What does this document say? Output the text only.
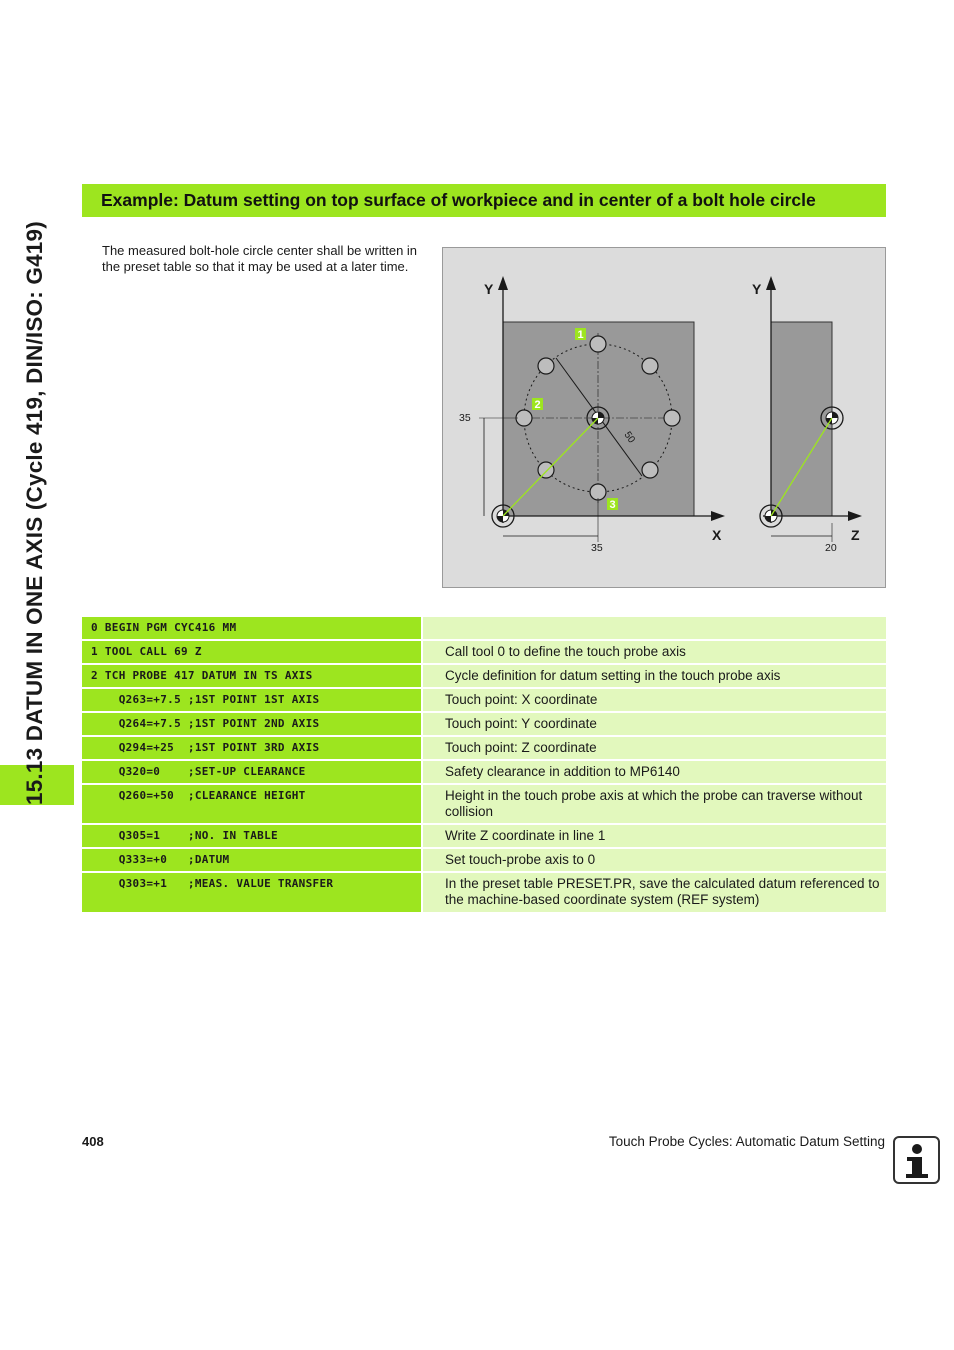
15.13 DATUM IN ONE AXIS (Cycle 419, DIN/ISO: G419)
Example: Datum setting on top surface of workpiece and in center of a bolt hole circle
The measured bolt-hole circle center shall be written in the preset table so that it may be used at a later time.
Y
X
Y
Z
50
35
35	20
1
2
3
0 BEGIN PGM CYC416 MM
1 TOOL CALL 69 Z	Call tool 0 to define the touch probe axis
2 TCH PROBE 417 DATUM IN TS AXIS	Cycle definition for datum setting in the touch probe axis
Q263=+7.5 ;1ST POINT 1ST AXIS	Touch point: X coordinate
Q264=+7.5 ;1ST POINT 2ND AXIS	Touch point: Y coordinate
Q294=+25  ;1ST POINT 3RD AXIS	Touch point: Z coordinate
Q320=0    ;SET-UP CLEARANCE	Safety clearance in addition to MP6140
Q260=+50  ;CLEARANCE HEIGHT	Height in the touch probe axis at which the probe can traverse without collision
Q305=1    ;NO. IN TABLE	Write Z coordinate in line 1
Q333=+0   ;DATUM	Set touch-probe axis to 0
Q303=+1   ;MEAS. VALUE TRANSFER	In the preset table PRESET.PR, save the calculated datum referenced to the machine-based coordinate system (REF system)
408	Touch Probe Cycles: Automatic Datum Setting
